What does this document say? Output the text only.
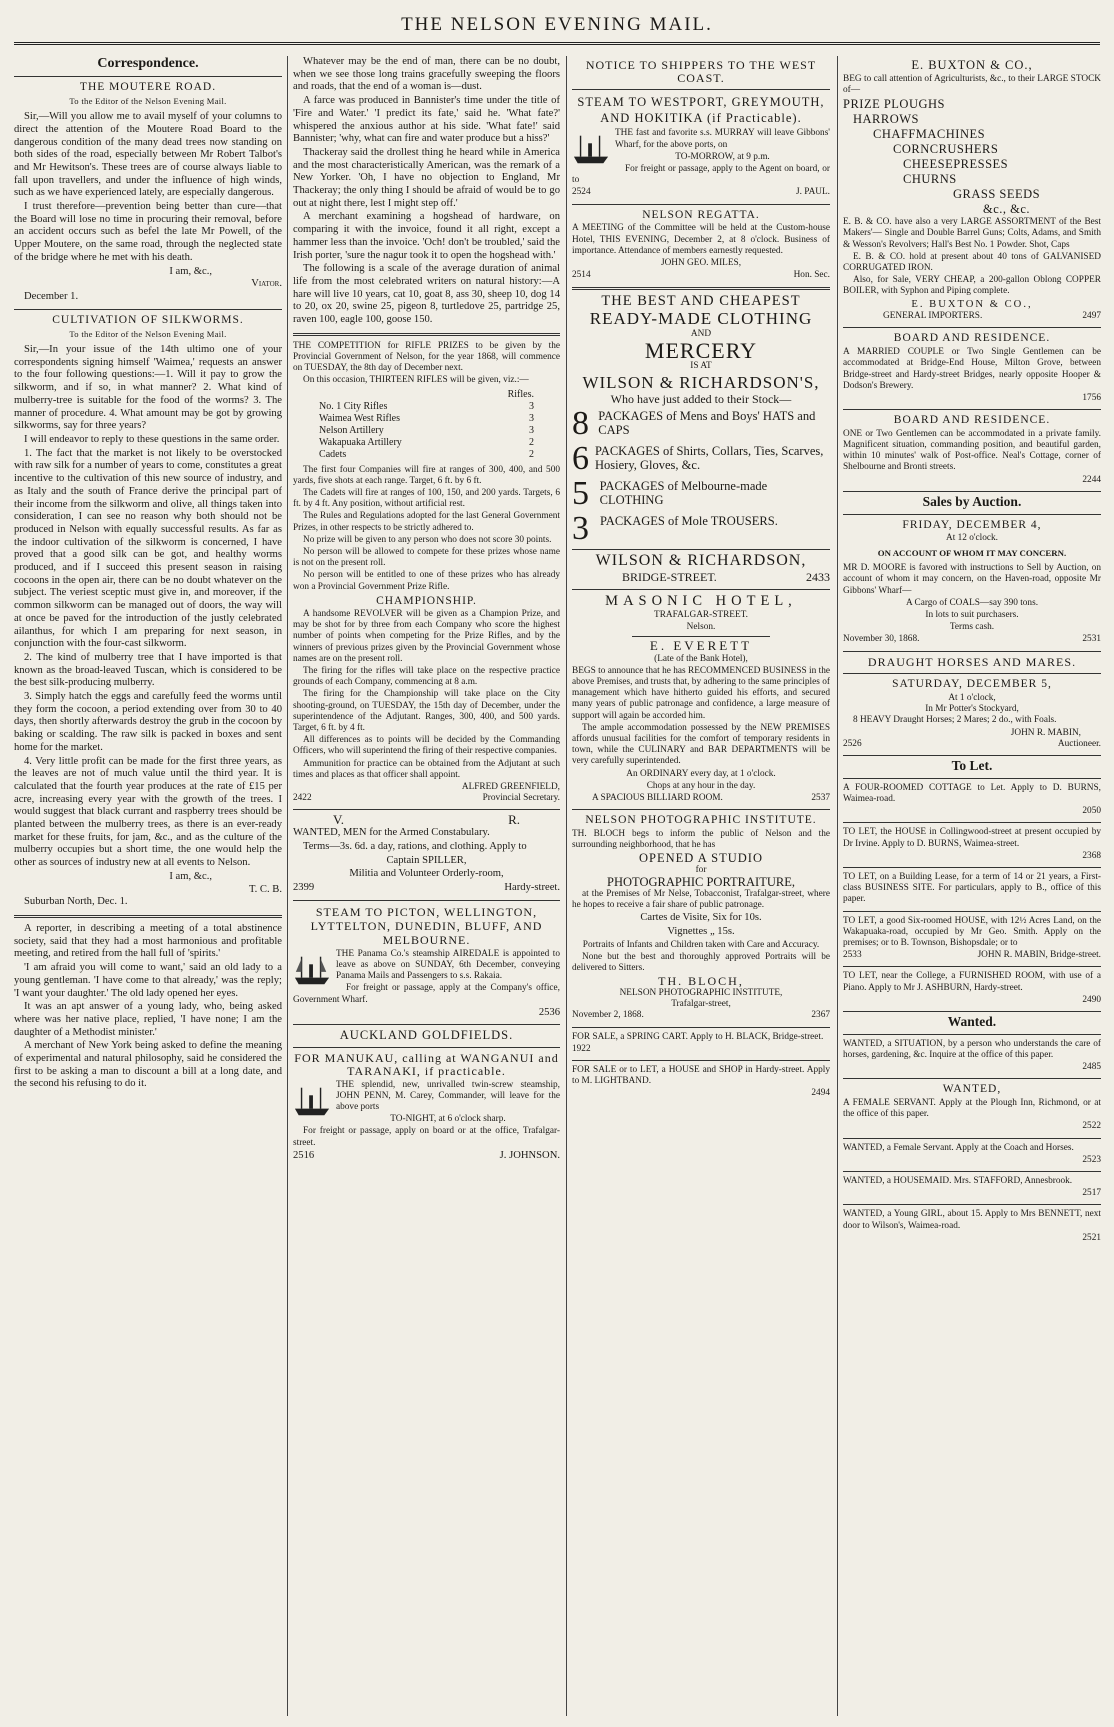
THE NELSON EVENING MAIL.
Correspondence.
THE MOUTERE ROAD.
To the Editor of the Nelson Evening Mail.

Sir,—Will you allow me to avail myself of your columns to direct the attention of the Moutere Road Board to the dangerous condition of the many dead trees now standing on both sides of the road, especially between Mr Robert Talbot's and Mr Hewitson's. These trees are of course always liable to fall upon travellers, and under the influence of high winds, such as we have experienced lately, are especially dangerous.

I trust therefore—prevention being better than cure—that the Board will lose no time in procuring their removal, before an accident occurs such as befel the late Mr Powell, of the Upper Moutere, on the same road, through the neglected state of the bridge where he met with his death.

I am, &c.,

Viator.

December 1.

CULTIVATION OF SILKWORMS.
To the Editor of the Nelson Evening Mail.

Sir,—In your issue of the 14th ultimo one of your correspondents signing himself 'Waimea,' requests an answer to the four following questions:—1. Will it pay to grow the silkworm, and if so, in what manner? 2. What kind of mulberry-tree is suitable for the food of the worms? 3. The manner of procedure. 4. What amount may be got by growing silkworms, say for three years?

I will endeavor to reply to these questions in the same order.

1. The fact that the market is not likely to be overstocked with raw silk for a number of years to come, constitutes a great incentive to the cultivation of this new source of industry, and as Italy and the south of France derive the principal part of their income from the silkworm and olive, all things taken into consideration, I can see no reason why both should not be produced in Nelson with equally successful results. As far as the indoor cultivation of the silkworm is concerned, I have proved that a good silk can be got, and healthy worms produced, and if I succeed this present season in raising cocoons in the open air, there can be no doubt whatever on the subject. The veriest sceptic must give in, and moreover, if the common silkworm can be managed out of doors, the way will at once be paved for the introduction of the justly celebrated ailanthus, for which I am preparing for next season, in conjunction with the four-cast silkworm.

2. The kind of mulberry tree that I have imported is that known as the broad-leaved Tuscan, which is considered to be the best silk-producing mulberry.

3. Simply hatch the eggs and carefully feed the worms until they form the cocoon, a period extending over from 30 to 40 days, then shortly afterwards destroy the grub in the cocoon by baking or scalding. The raw silk is packed in boxes and sent home for the market.

4. Very little profit can be made for the first three years, as the leaves are not of much value until the third year. It is calculated that the fourth year produces at the rate of £15 per acre, increasing every year with the growth of the trees. I would suggest that black currant and raspberry trees should be planted between the mulberry trees, as there is an ever-ready market for these fruits, for jam, &c., and as the culture of the mulberry occupies but a short time, the one would help the other as sources of industry new at all events to Nelson.

I am, &c.,

T. C. B.

Suburban North, Dec. 1.

A reporter, in describing a meeting of a total abstinence society, said that they had a most harmonious and profitable meeting, and retired from the hall full of 'spirits.'

'I am afraid you will come to want,' said an old lady to a young gentleman. 'I have come to that already,' was the reply; 'I want your daughter.' The old lady opened her eyes.

It was an apt answer of a young lady, who, being asked where was her native place, replied, 'I have none; I am the daughter of a Methodist minister.'

A merchant of New York being asked to define the meaning of experimental and natural philosophy, said he considered the first to be asking a man to discount a bill at a long date, and the second his refusing to do it.

Whatever may be the end of man, there can be no doubt, when we see those long trains gracefully sweeping the floors and roads, that the end of a woman is—dust.

A farce was produced in Bannister's time under the title of 'Fire and Water.' 'I predict its fate,' said he. 'What fate?' whispered the anxious author at his side. 'What fate!' said Bannister; 'why, what can fire and water produce but a hiss?'

Thackeray said the drollest thing he heard while in America and the most characteristically American, was the remark of a New Yorker. 'Oh, I have no objection to England, Mr Thackeray; the only thing I should be afraid of would be to go out at night there, lest I might step off.'

A merchant examining a hogshead of hardware, on comparing it with the invoice, found it all right, except a hammer less than the invoice. 'Och! don't be troubled,' said the Irish porter, 'sure the nagur took it to open the hogshead with.'

The following is a scale of the average duration of animal life from the most celebrated writers on natural history:—A hare will live 10 years, cat 10, goat 8, ass 30, sheep 10, dog 14 to 20, ox 20, swine 25, pigeon 8, turtledove 25, partridge 25, raven 100, eagle 100, goose 150.

THE COMPETITION for RIFLE PRIZES to be given by the Provincial Government of Nelson, for the year 1868, will commence on TUESDAY, the 8th day of December next.

On this occasion, THIRTEEN RIFLES will be given, viz.:—

	Rifles.
No. 1 City Rifles	3
Waimea West Rifles	3
Nelson Artillery	3
Wakapuaka Artillery	2
Cadets	2

The first four Companies will fire at ranges of 300, 400, and 500 yards, five shots at each range. Target, 6 ft. by 6 ft.

The Cadets will fire at ranges of 100, 150, and 200 yards. Targets, 6 ft. by 4 ft. Any position, without artificial rest.

The Rules and Regulations adopted for the last General Government Prizes, in other respects to be strictly adhered to.

No prize will be given to any person who does not score 30 points.

No person will be allowed to compete for these prizes whose name is not on the present roll.

No person will be entitled to one of these prizes who has already won a Provincial Government Prize Rifle.

CHAMPIONSHIP.

A handsome REVOLVER will be given as a Champion Prize, and may be shot for by three from each Company who score the highest number of points when competing for the Prize Rifles, and by the winners of previous prizes given by the Provincial Government whose names are on the present roll.

The firing for the rifles will take place on the respective practice grounds of each Company, commencing at 8 a.m.

The firing for the Championship will take place on the City shooting-ground, on TUESDAY, the 15th day of December, under the superintendence of the Adjutant. Ranges, 300, 400, and 500 yards. Target, 6 ft. by 4 ft.

All differences as to points will be decided by the Commanding Officers, who will superintend the firing of their respective companies.

Ammunition for practice can be obtained from the Adjutant at such times and places as that officer shall appoint.

ALFRED GREENFIELD,

2422	Provincial Secretary.
V.	R.

WANTED, MEN for the Armed Constabulary.

Terms—3s. 6d. a day, rations, and clothing. Apply to

Captain SPILLER,

Militia and Volunteer Orderly-room,

2399	Hardy-street.
STEAM TO PICTON, WELLINGTON, LYTTELTON, DUNEDIN, BLUFF, AND MELBOURNE.

THE Panama Co.'s steamship AIREDALE is appointed to leave as above on SUNDAY, 6th December, conveying Panama Mails and Passengers to s.s. Rakaia.

For freight or passage, apply at the Company's office, Government Wharf.

2536

AUCKLAND GOLDFIELDS.
FOR MANUKAU, calling at WANGANUI and TARANAKI, if practicable.

THE splendid, new, unrivalled twin-screw steamship, JOHN PENN, M. Carey, Commander, will leave for the above ports

TO-NIGHT, at 6 o'clock sharp.

For freight or passage, apply on board or at the office, Trafalgar-street.

2516	J. JOHNSON.
NOTICE TO SHIPPERS TO THE WEST COAST.
STEAM TO WESTPORT, GREYMOUTH, AND HOKITIKA (if Practicable).

THE fast and favorite s.s. MURRAY will leave Gibbons' Wharf, for the above ports, on

TO-MORROW, at 9 p.m.

For freight or passage, apply to the Agent on board, or to

2524	J. PAUL.
NELSON REGATTA.

A MEETING of the Committee will be held at the Custom-house Hotel, THIS EVENING, December 2, at 8 o'clock. Business of importance. Attendance of members earnestly requested.

JOHN GEO. MILES,

2514	Hon. Sec.
THE BEST AND CHEAPEST
READY-MADE CLOTHING
AND
MERCERY
IS AT
WILSON & RICHARDSON'S,
Who have just added to their Stock—
8 PACKAGES of Mens and Boys' HATS and CAPS
6 PACKAGES of Shirts, Collars, Ties, Scarves, Hosiery, Gloves, &c.
5 PACKAGES of Melbourne-made CLOTHING
3 PACKAGES of Mole TROUSERS.
WILSON & RICHARDSON,
BRIDGE-STREET.	2433
MASONIC HOTEL,
TRAFALGAR-STREET.
Nelson.
E. EVERETT
(Late of the Bank Hotel),

BEGS to announce that he has RECOMMENCED BUSINESS in the above Premises, and trusts that, by adhering to the same principles of management which have hitherto guided his efforts, and secured many years of public patronage and confidence, a large measure of support will again be accorded him.

The ample accommodation possessed by the NEW PREMISES affords unusual facilities for the comfort of temporary residents in town, while the CULINARY and BAR DEPARTMENTS will be very carefully superintended.

An ORDINARY every day, at 1 o'clock.

Chops at any hour in the day.

A SPACIOUS BILLIARD ROOM.	2537
NELSON PHOTOGRAPHIC INSTITUTE.

TH. BLOCH begs to inform the public of Nelson and the surrounding neighborhood, that he has

OPENED A STUDIO
for
PHOTOGRAPHIC PORTRAITURE,

at the Premises of Mr Nelse, Tobacconist, Trafalgar-street, where he hopes to receive a fair share of public patronage.

Cartes de Visite, Six for 10s.

Vignettes „ 15s.

Portraits of Infants and Children taken with Care and Accuracy.

None but the best and thoroughly approved Portraits will be delivered to Sitters.

TH. BLOCH,
NELSON PHOTOGRAPHIC INSTITUTE,
Trafalgar-street,
November 2, 1868.	2367

FOR SALE, a SPRING CART. Apply to H. BLACK, Bridge-street.

1922

FOR SALE or to LET, a HOUSE and SHOP in Hardy-street. Apply to M. LIGHTBAND.

2494

E. BUXTON & CO.,

BEG to call attention of Agriculturists, &c., to their LARGE STOCK of—

PRIZE PLOUGHS
HARROWS
CHAFFMACHINES
CORNCRUSHERS
CHEESEPRESSES
CHURNS
GRASS SEEDS
&c., &c.

E. B. & CO. have also a very LARGE ASSORTMENT of the Best Makers'— Single and Double Barrel Guns; Colts, Adams, and Smith & Wesson's Revolvers; Hall's Best No. 1 Powder. Shot, Caps

E. B. & CO. hold at present about 40 tons of GALVANISED CORRUGATED IRON.

Also, for Sale, VERY CHEAP, a 200-gallon Oblong COPPER BOILER, with Syphon and Piping complete.

E. BUXTON & CO.,
GENERAL IMPORTERS.	2497
BOARD AND RESIDENCE.

A MARRIED COUPLE or Two Single Gentlemen can be accommodated at Bridge-End House, Milton Grove, between Bridge-street and Hardy-street Bridges, nearly opposite Hooper & Dodson's Brewery.

1756

BOARD AND RESIDENCE.

ONE or Two Gentlemen can be accommodated in a private family. Magnificent situation, commanding position, and beautiful garden, within 10 minutes' walk of Post-office. Neal's Cottage, corner of Shelbourne and Bronti streets.

2244

Sales by Auction.
FRIDAY, DECEMBER 4,
At 12 o'clock.
ON ACCOUNT OF WHOM IT MAY CONCERN.

MR D. MOORE is favored with instructions to Sell by Auction, on account of whom it may concern, on the Haven-road, opposite Mr Gibbons' Wharf—

A Cargo of COALS—say 390 tons.

In lots to suit purchasers.

Terms cash.

November 30, 1868.	2531
DRAUGHT HORSES AND MARES.
SATURDAY, DECEMBER 5,
At 1 o'clock,
In Mr Potter's Stockyard,

8 HEAVY Draught Horses; 2 Mares; 2 do., with Foals.

JOHN R. MABIN,

2526	Auctioneer.
To Let.

A FOUR-ROOMED COTTAGE to Let. Apply to D. BURNS, Waimea-road.

2050

TO LET, the HOUSE in Collingwood-street at present occupied by Dr Irvine. Apply to D. BURNS, Waimea-street.

2368

TO LET, on a Building Lease, for a term of 14 or 21 years, a First-class BUSINESS SITE. For particulars, apply to B., office of this paper.

TO LET, a good Six-roomed HOUSE, with 12½ Acres Land, on the Wakapuaka-road, occupied by Mr Geo. Smith. Apply on the premises; or to B. Townson, Bishopsdale; or to

2533	JOHN R. MABIN, Bridge-street.

TO LET, near the College, a FURNISHED ROOM, with use of a Piano. Apply to Mr J. ASHBURN, Hardy-street.

2490

Wanted.

WANTED, a SITUATION, by a person who understands the care of horses, gardening, &c. Inquire at the office of this paper.

2485

WANTED,

A FEMALE SERVANT. Apply at the Plough Inn, Richmond, or at the office of this paper.

2522

WANTED, a Female Servant. Apply at the Coach and Horses.

2523

WANTED, a HOUSEMAID. Mrs. STAFFORD, Annesbrook.

2517

WANTED, a Young GIRL, about 15. Apply to Mrs BENNETT, next door to Wilson's, Waimea-road.

2521
